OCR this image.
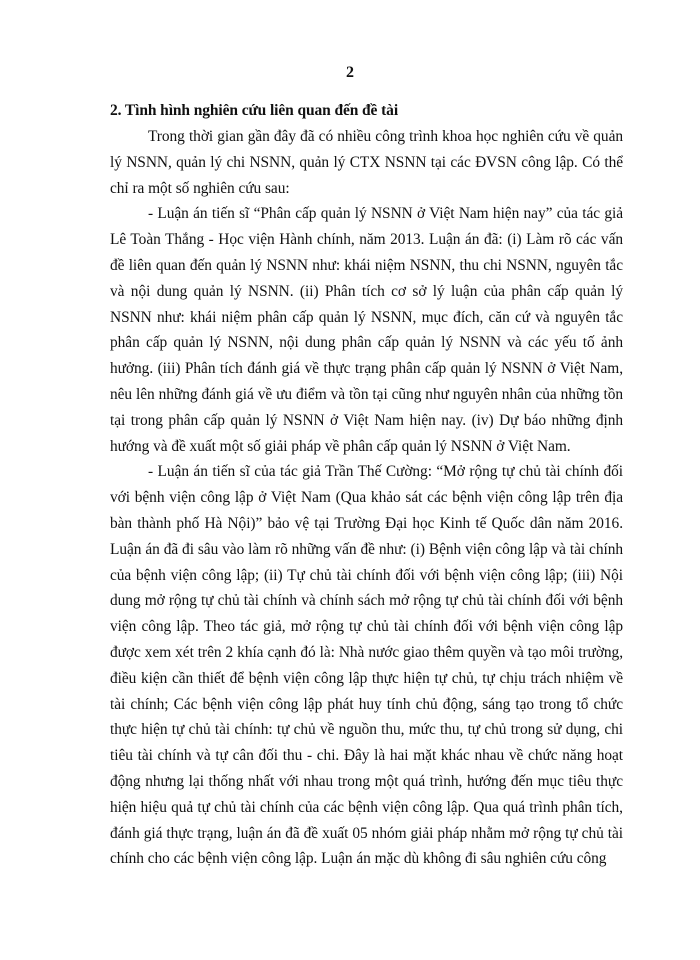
2

2. Tình hình nghiên cứu liên quan đến đề tài

Trong thời gian gần đây đã có nhiều công trình khoa học nghiên cứu về quản lý NSNN, quản lý chi NSNN, quản lý CTX NSNN tại các ĐVSN công lập. Có thể chỉ ra một số nghiên cứu sau:

- Luận án tiến sĩ “Phân cấp quản lý NSNN ở Việt Nam hiện nay” của tác giả Lê Toàn Thắng - Học viện Hành chính, năm 2013. Luận án đã: (i) Làm rõ các vấn đề liên quan đến quản lý NSNN như: khái niệm NSNN, thu chi NSNN, nguyên tắc và nội dung quản lý NSNN. (ii) Phân tích cơ sở lý luận của phân cấp quản lý NSNN như: khái niệm phân cấp quản lý NSNN, mục đích, căn cứ và nguyên tắc phân cấp quản lý NSNN, nội dung phân cấp quản lý NSNN và các yếu tố ảnh hưởng. (iii) Phân tích đánh giá về thực trạng phân cấp quản lý NSNN ở Việt Nam, nêu lên những đánh giá về ưu điểm và tồn tại cũng như nguyên nhân của những tồn tại trong phân cấp quản lý NSNN ở Việt Nam hiện nay. (iv) Dự báo những định hướng và đề xuất một số giải pháp về phân cấp quản lý NSNN ở Việt Nam.

- Luận án tiến sĩ của tác giả Trần Thế Cường: “Mở rộng tự chủ tài chính đối với bệnh viện công lập ở Việt Nam (Qua khảo sát các bệnh viện công lập trên địa bàn thành phố Hà Nội)” bảo vệ tại Trường Đại học Kinh tế Quốc dân năm 2016. Luận án đã đi sâu vào làm rõ những vấn đề như: (i) Bệnh viện công lập và tài chính của bệnh viện công lập; (ii) Tự chủ tài chính đối với bệnh viện công lập; (iii) Nội dung mở rộng tự chủ tài chính và chính sách mở rộng tự chủ tài chính đối với bệnh viện công lập. Theo tác giả, mở rộng tự chủ tài chính đối với bệnh viện công lập được xem xét trên 2 khía cạnh đó là: Nhà nước giao thêm quyền và tạo môi trường, điều kiện cần thiết để bệnh viện công lập thực hiện tự chủ, tự chịu trách nhiệm về tài chính; Các bệnh viện công lập phát huy tính chủ động, sáng tạo trong tổ chức thực hiện tự chủ tài chính: tự chủ về nguồn thu, mức thu, tự chủ trong sử dụng, chi tiêu tài chính và tự cân đối thu - chi. Đây là hai mặt khác nhau về chức năng hoạt động nhưng lại thống nhất với nhau trong một quá trình, hướng đến mục tiêu thực hiện hiệu quả tự chủ tài chính của các bệnh viện công lập. Qua quá trình phân tích, đánh giá thực trạng, luận án đã đề xuất 05 nhóm giải pháp nhằm mở rộng tự chủ tài chính cho các bệnh viện công lập. Luận án mặc dù không đi sâu nghiên cứu công
